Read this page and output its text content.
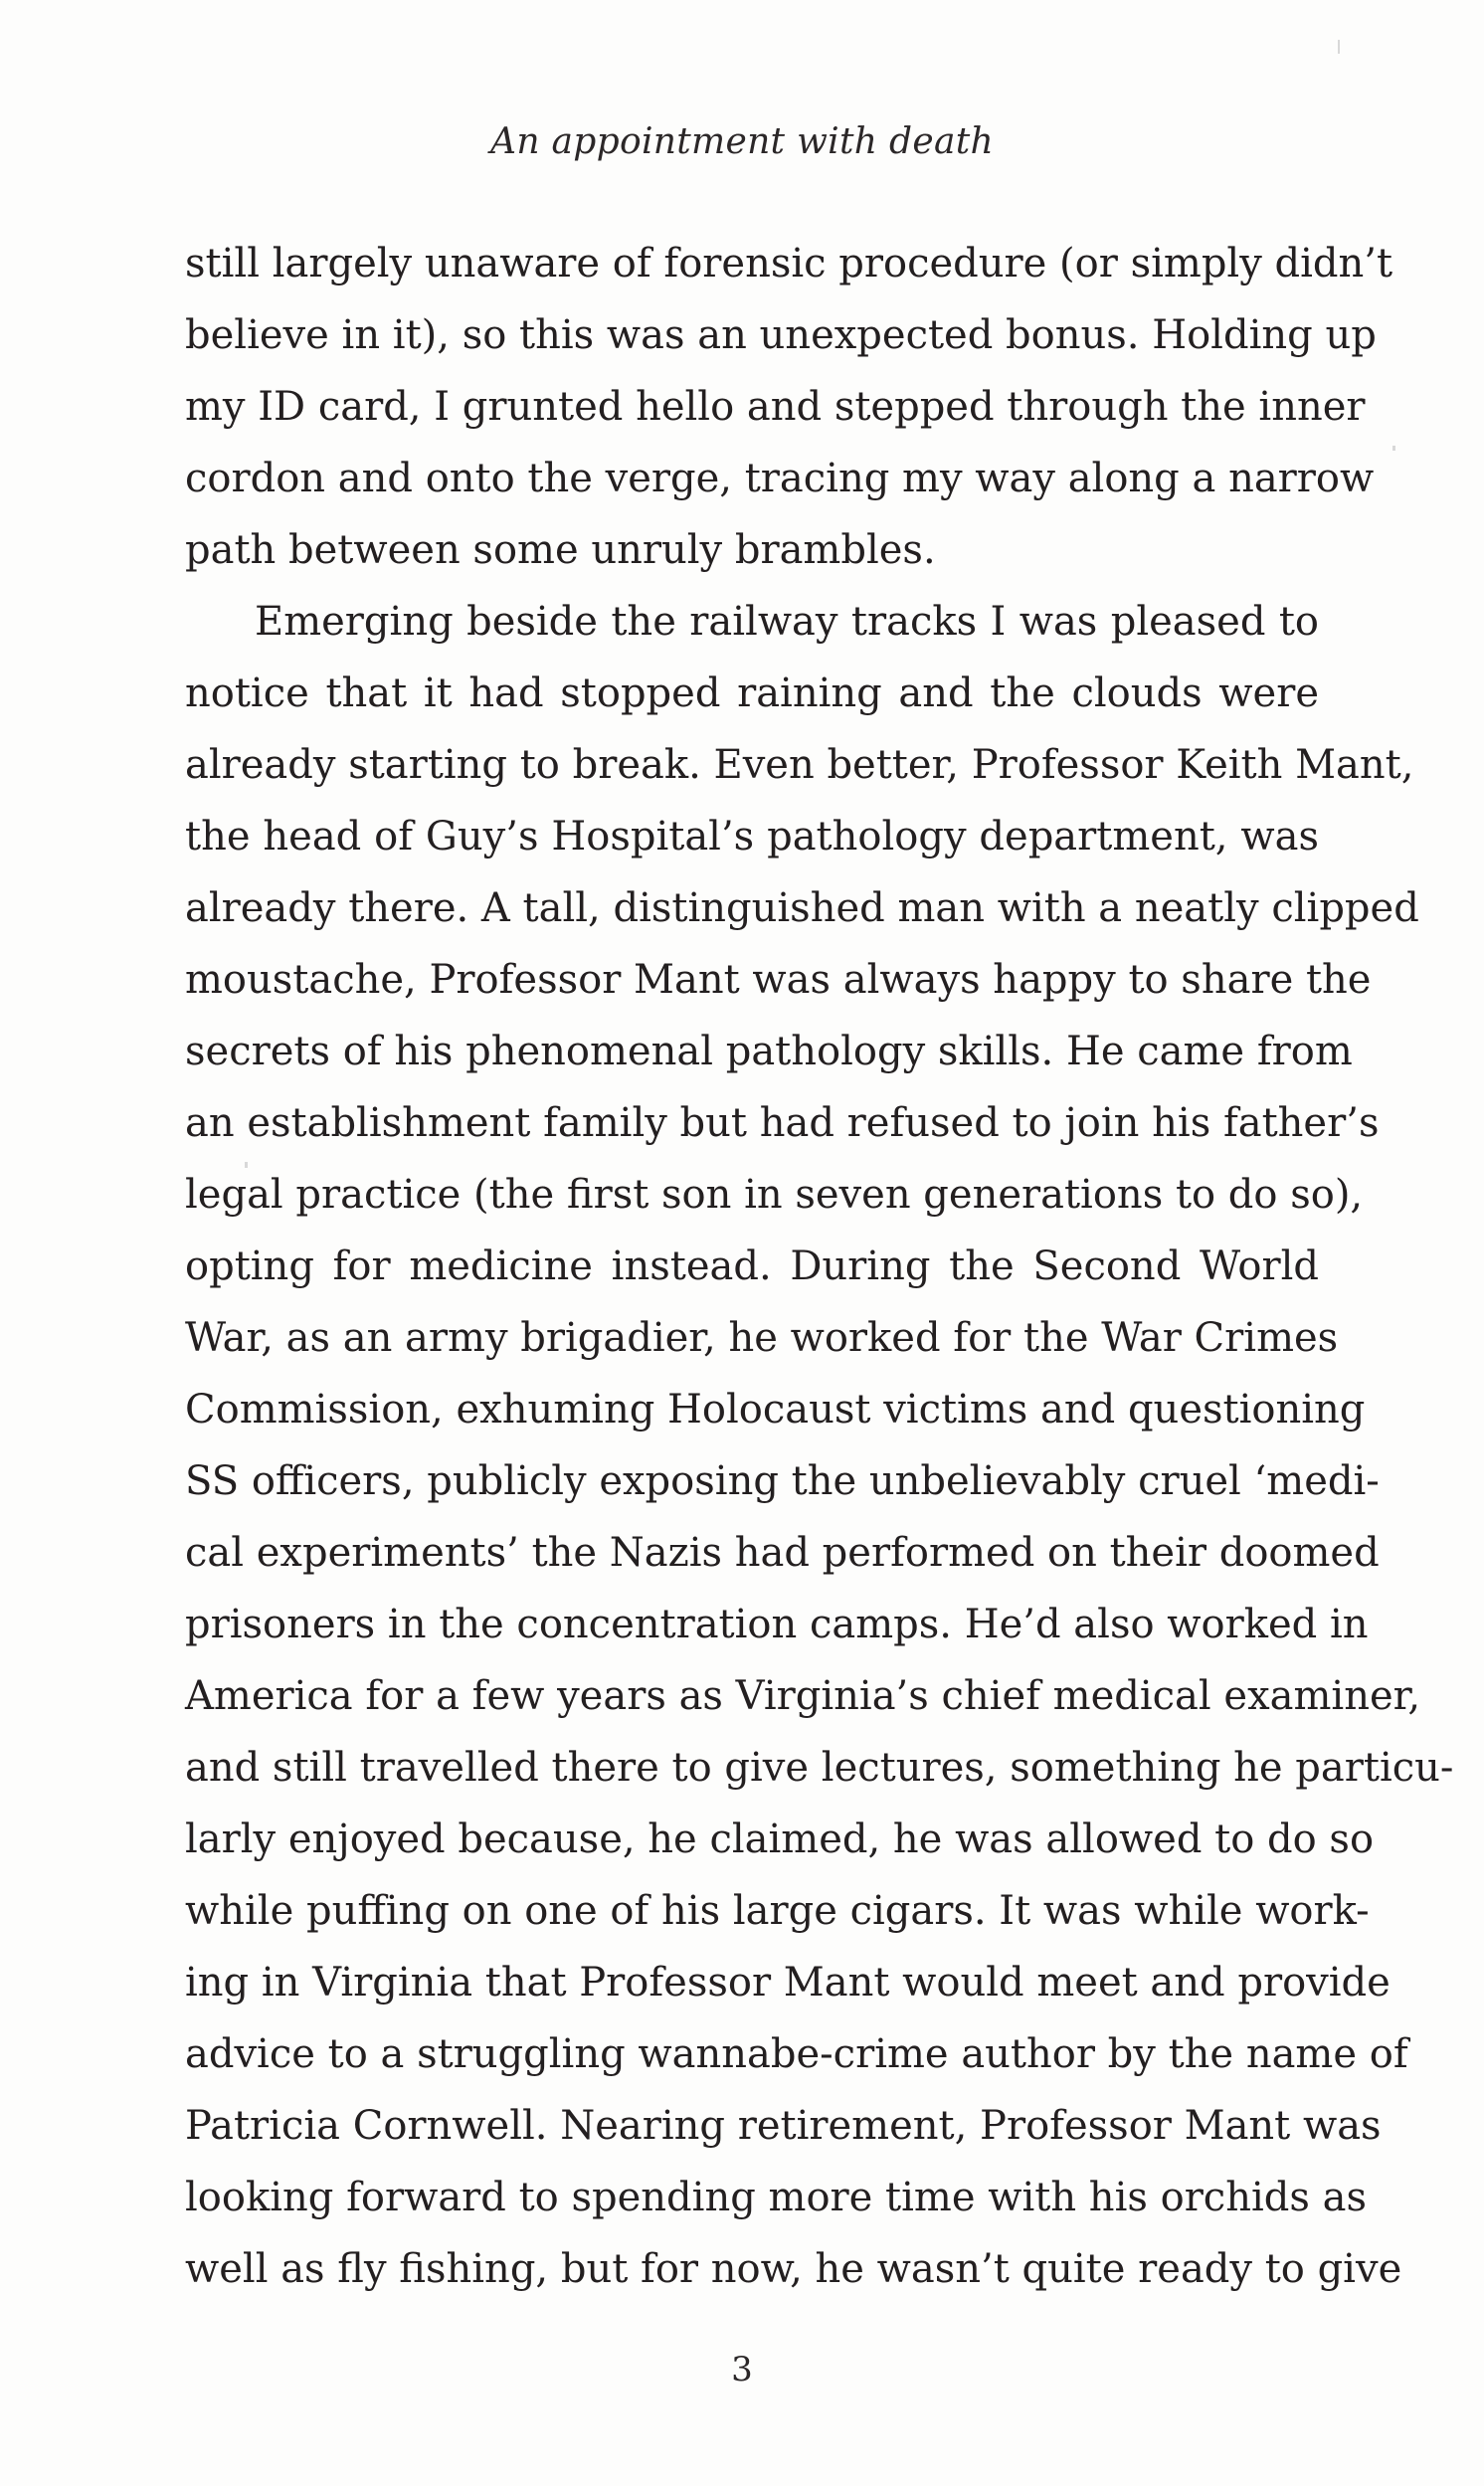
An appointment with death
still largely unaware of forensic procedure (or simply didn’t
believe in it), so this was an unexpected bonus. Holding up
my ID card, I grunted hello and stepped through the inner
cordon and onto the verge, tracing my way along a narrow
path between some unruly brambles.
Emerging beside the railway tracks I was pleased to
notice that it had stopped raining and the clouds were
already starting to break. Even better, Professor Keith Mant,
the head of Guy’s Hospital’s pathology department, was
already there. A tall, distinguished man with a neatly clipped
moustache, Professor Mant was always happy to share the
secrets of his phenomenal pathology skills. He came from
an establishment family but had refused to join his father’s
legal practice (the first son in seven generations to do so),
opting for medicine instead. During the Second World
War, as an army brigadier, he worked for the War Crimes
Commission, exhuming Holocaust victims and questioning
SS officers, publicly exposing the unbelievably cruel ‘medi-
cal experiments’ the Nazis had performed on their doomed
prisoners in the concentration camps. He’d also worked in
America for a few years as Virginia’s chief medical examiner,
and still travelled there to give lectures, something he particu-
larly enjoyed because, he claimed, he was allowed to do so
while puffing on one of his large cigars. It was while work-
ing in Virginia that Professor Mant would meet and provide
advice to a struggling wannabe-crime author by the name of
Patricia Cornwell. Nearing retirement, Professor Mant was
looking forward to spending more time with his orchids as
well as fly fishing, but for now, he wasn’t quite ready to give
3
